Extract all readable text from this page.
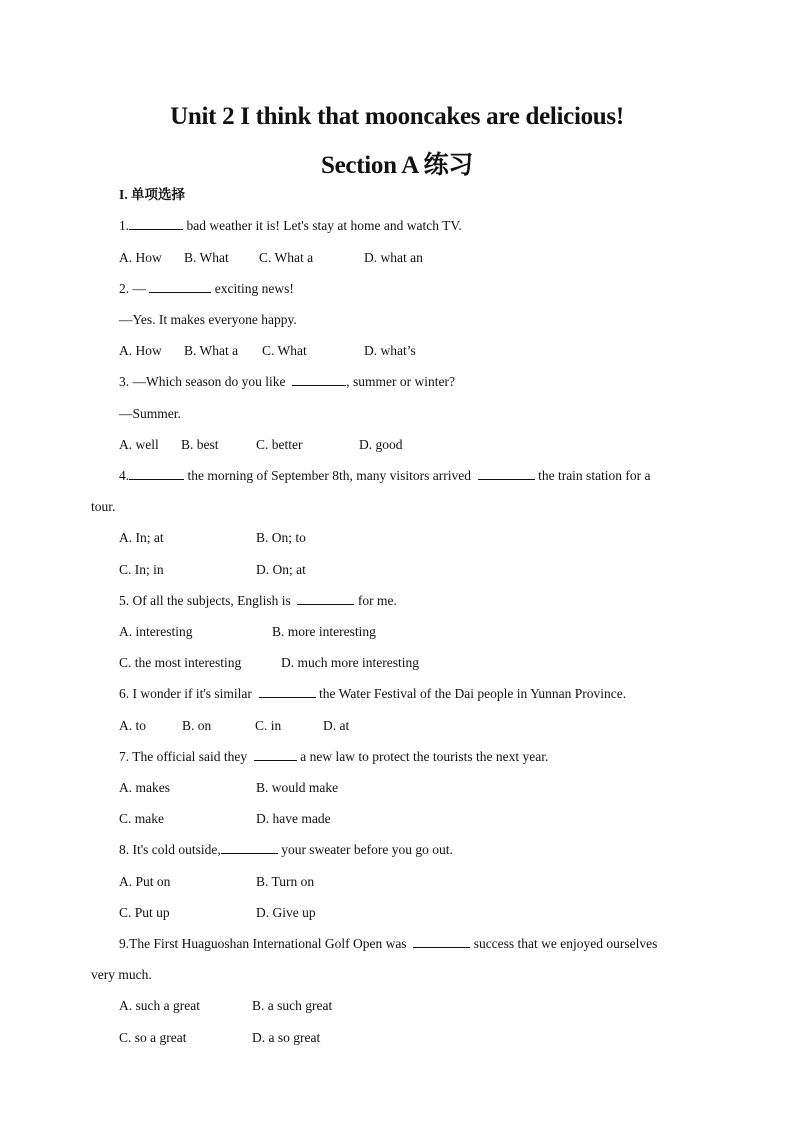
Unit 2 I think that mooncakes are delicious!
Section A 练习
I. 单项选择
1.	bad weather it is! Let's stay at home and watch TV.
A. How B. What C. What a	D. what an
2. —	exciting news!
—Yes. It makes everyone happy.
A. How B. What a C. What	D. what’s
3. —Which season do you like	, summer or winter?
—Summer.
A. well B. best	C. better	D. good
4.	the morning of September 8th, many visitors arrived	the train station for a
tour.
A. In; at	B. On; to
C. In; in	D. On; at
5. Of all the subjects, English is	for me.
A. interesting	B. more interesting
C. the most interesting	D. much more interesting
6. I wonder if it's similar	the Water Festival of the Dai people in Yunnan Province.
A. to	B. on	C. in	D. at
7. The official said they	a new law to protect the tourists the next year.
A. makes	B. would make
C. make	D. have made
8. It's cold outside,	your sweater before you go out.
A. Put on	B. Turn on
C. Put up	D. Give up
9.The First Huaguoshan International Golf Open was	success that we enjoyed ourselves
very much.
A. such a great	B. a such great
C. so a great	D. a so great
